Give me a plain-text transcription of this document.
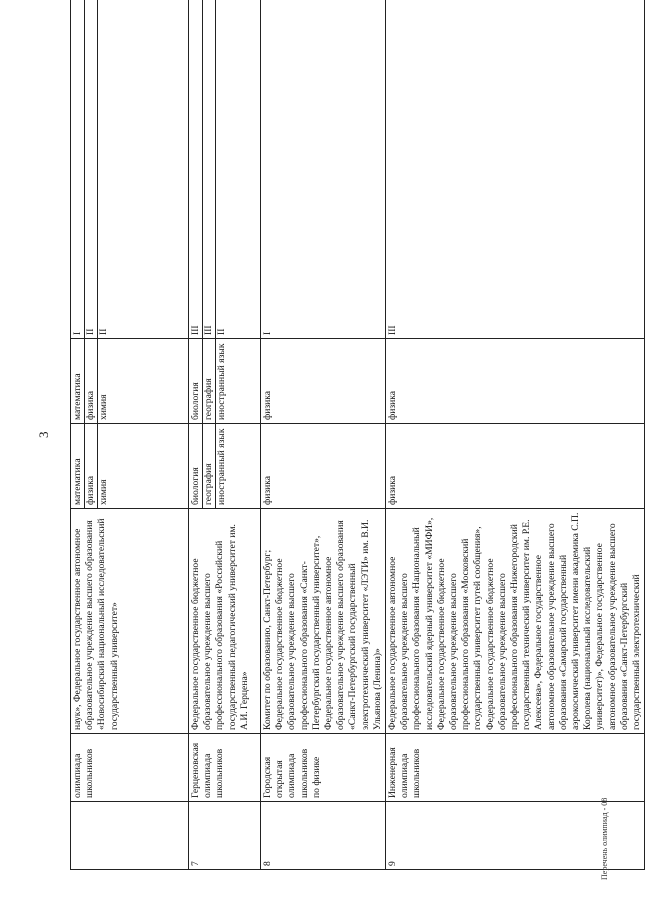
3
	олимпиада школьников	наук», Федеральное государственное автономное образовательное учреждение высшего образования «Новосибирский национальный исследовательский государственный университет»	математика физика химия	математика физика химия	I II II

7	Герценовская олимпиада школьников	Федеральное государственное бюджетное образовательное учреждение высшего профессионального образования «Российский государственный педагогический университет им. А.И. Герцена»	биология география иностранный язык	биология география иностранный язык	III III II

8	Городская открытая олимпиада школьников по физике	Комитет по образованию, Санкт-Петербург; Федеральное государственное бюджетное образовательное учреждение высшего профессионального образования «Санкт-Петербургский государственный университет», Федеральное государственное автономное образовательное учреждение высшего образования «Санкт-Петербургский государственный электротехнический университет «ЛЭТИ» им. В.И. Ульянова (Ленина)»	физика	физика	I

9	Инженерная олимпиада школьников	Федеральное государственное автономное образовательное учреждение высшего профессионального образования «Национальный исследовательский ядерный университет «МИФИ», Федеральное государственное бюджетное образовательное учреждение высшего профессионального образования «Московский государственный университет путей сообщения», Федеральное государственное бюджетное образовательное учреждение высшего профессионального образования «Нижегородский государственный технический университет им. Р.Е. Алексеева», Федеральное государственное автономное образовательное учреждение высшего образования «Самарский государственный аэрокосмический университет имени академика С.П. Королева (национальный исследовательский университет)», Федеральное государственное автономное образовательное учреждение высшего образования «Санкт-Петербургский государственный электротехнический	физика	физика	III
Перечень олимпиад - 08
